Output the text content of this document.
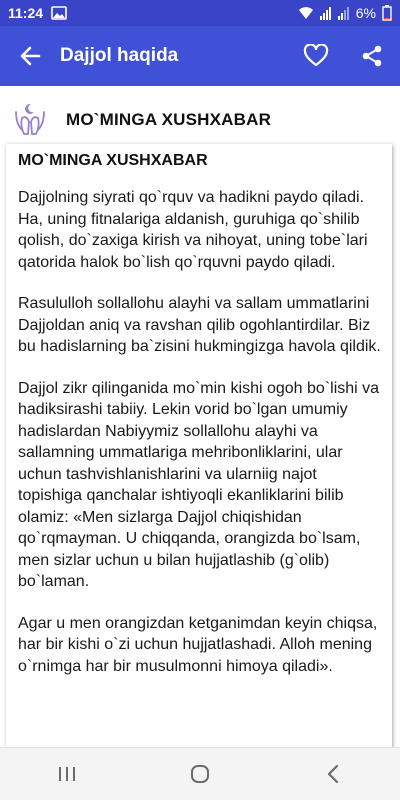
11:24	6%
Dajjol haqida
MO`MINGA XUSHXABAR
MO`MINGA XUSHXABAR

Dajjolning siyrati qo`rquv va hadikni paydo qiladi. Ha, uning fitnalariga aldanish, guruhiga qo`shilib qolish, do`zaxiga kirish va nihoyat, uning tobe`lari qatorida halok bo`lish qo`rquvni paydo qiladi.

Rasululloh sollallohu alayhi va sallam ummatlarini Dajjoldan aniq va ravshan qilib ogohlantirdilar. Biz bu hadislarning ba`zisini hukmingizga havola qildik.

Dajjol zikr qilinganida mo`min kishi ogoh bo`lishi va hadiksirashi tabiiy. Lekin vorid bo`lgan umumiy hadislardan Nabiyymiz sollallohu alayhi va sallamning ummatlariga mehribonliklarini, ular uchun tashvishlanishlarini va ularniig najot topishiga qanchalar ishtiyoqli ekanliklarini bilib olamiz: «Men sizlarga Dajjol chiqishidan qo`rqmayman. U chiqqanda, orangizda bo`lsam, men sizlar uchun u bilan hujjatlashib (g`olib) bo`laman.

Agar u men orangizdan ketganimdan keyin chiqsa, har bir kishi o`zi uchun hujjatlashadi. Alloh mening o`rnimga har bir musulmonni himoya qiladi».
